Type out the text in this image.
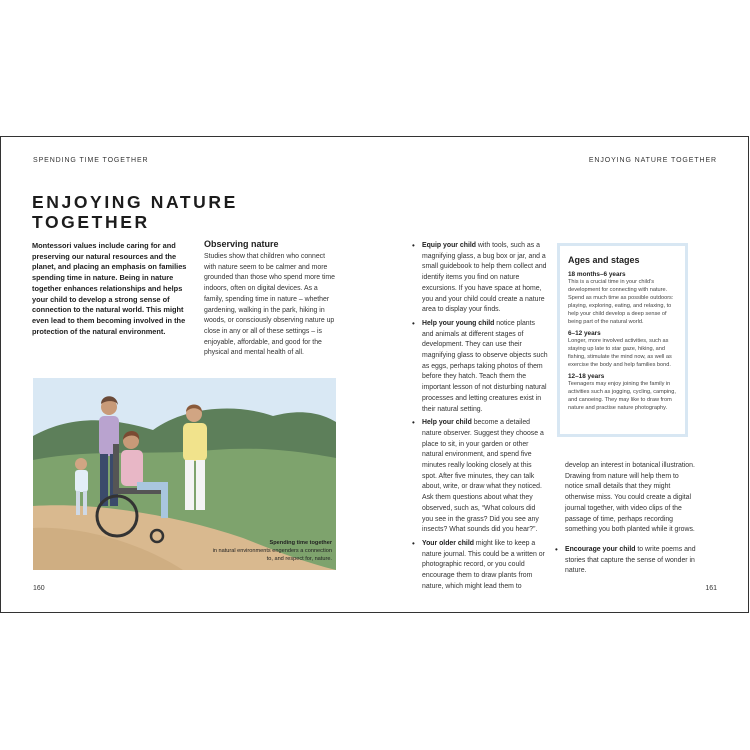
SPENDING TIME TOGETHER
ENJOYING NATURE
TOGETHER
Montessori values include caring for and preserving our natural resources and the planet, and placing an emphasis on families spending time in nature. Being in nature together enhances relationships and helps your child to develop a strong sense of connection to the natural world. This might even lead to them becoming involved in the protection of the natural environment.
Observing nature
Studies show that children who connect with nature seem to be calmer and more grounded than those who spend more time indoors, often on digital devices. As a family, spending time in nature – whether gardening, walking in the park, hiking in woods, or consciously observing nature up close in any or all of these settings – is enjoyable, affordable, and good for the physical and mental health of all.
Spending time together
in natural environments engenders a connection to, and respect for, nature.
160
ENJOYING NATURE TOGETHER
• Equip your child with tools, such as a magnifying glass, a bug box or jar, and a small guidebook to help them collect and identify items you find on nature excursions. If you have space at home, you and your child could create a nature area to display your finds.
• Help your young child notice plants and animals at different stages of development. They can use their magnifying glass to observe objects such as eggs, perhaps taking photos of them before they hatch. Teach them the important lesson of not disturbing natural processes and letting creatures exist in their natural setting.
• Help your child become a detailed nature observer. Suggest they choose a place to sit, in your garden or other natural environment, and spend five minutes really looking closely at this spot. After five minutes, they can talk about, write, or draw what they noticed. Ask them questions about what they observed, such as, “What colours did you see in the grass? Did you see any insects? What sounds did you hear?”.
• Your older child might like to keep a nature journal. This could be a written or photographic record, or you could encourage them to draw plants from nature, which might lead them to
Ages and stages
18 months–6 years
This is a crucial time in your child’s development for connecting with nature. Spend as much time as possible outdoors: playing, exploring, eating, and relaxing, to help your child develop a deep sense of being part of the natural world.
6–12 years
Longer, more involved activities, such as staying up late to star gaze, hiking, and fishing, stimulate the mind now, as well as exercise the body and help families bond.
12–18 years
Teenagers may enjoy joining the family in activities such as jogging, cycling, camping, and canoeing. They may like to draw from nature and practise nature photography.
develop an interest in botanical illustration. Drawing from nature will help them to notice small details that they might otherwise miss. You could create a digital journal together, with video clips of the passage of time, perhaps recording something you both planted while it grows.
• Encourage your child to write poems and stories that capture the sense of wonder in nature.
161
